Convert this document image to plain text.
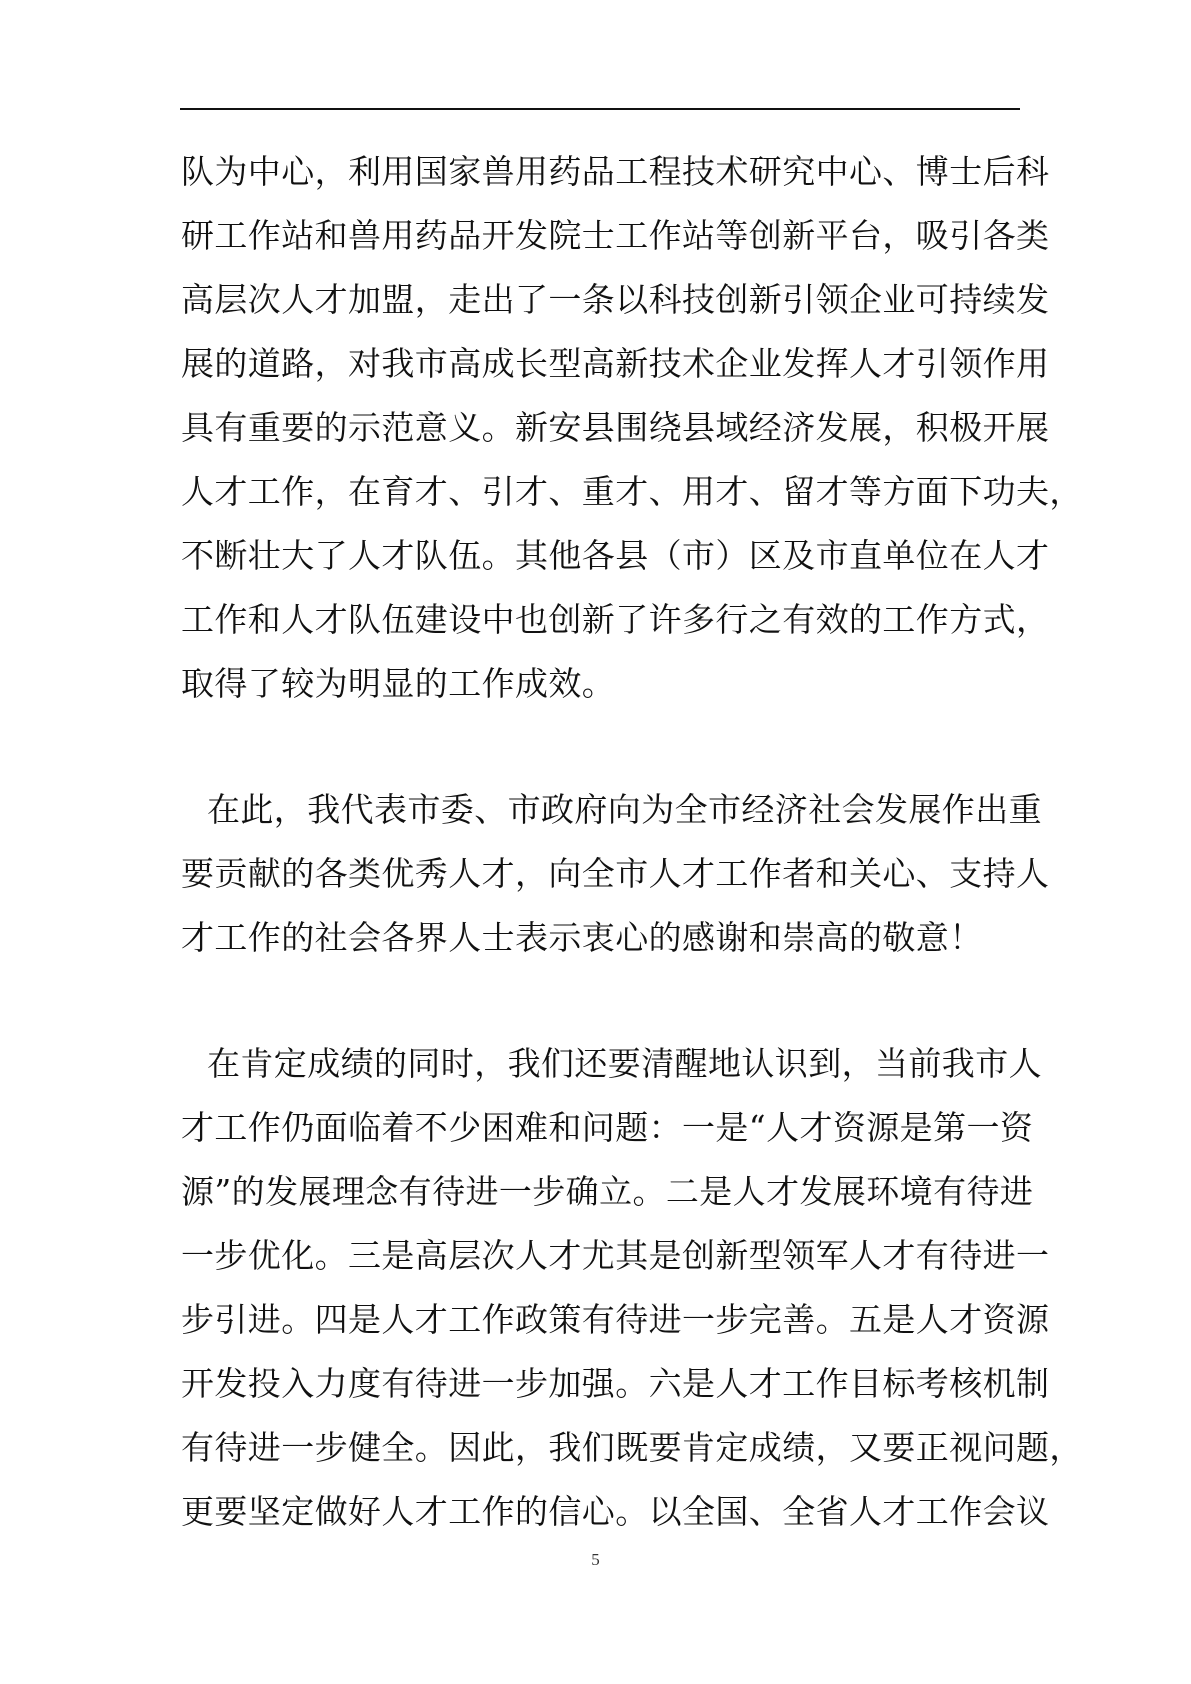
队为中心，利用国家兽用药品工程技术研究中心、博士后科
研工作站和兽用药品开发院士工作站等创新平台，吸引各类
高层次人才加盟，走出了一条以科技创新引领企业可持续发
展的道路，对我市高成长型高新技术企业发挥人才引领作用
具有重要的示范意义。新安县围绕县域经济发展，积极开展
人才工作，在育才、引才、重才、用才、留才等方面下功夫，
不断壮大了人才队伍。其他各县（市）区及市直单位在人才
工作和人才队伍建设中也创新了许多行之有效的工作方式，
取得了较为明显的工作成效。
在此，我代表市委、市政府向为全市经济社会发展作出重
要贡献的各类优秀人才，向全市人才工作者和关心、支持人
才工作的社会各界人士表示衷心的感谢和崇高的敬意！
在肯定成绩的同时，我们还要清醒地认识到，当前我市人
才工作仍面临着不少困难和问题：一是“人才资源是第一资
源”的发展理念有待进一步确立。二是人才发展环境有待进
一步优化。三是高层次人才尤其是创新型领军人才有待进一
步引进。四是人才工作政策有待进一步完善。五是人才资源
开发投入力度有待进一步加强。六是人才工作目标考核机制
有待进一步健全。因此，我们既要肯定成绩，又要正视问题，
更要坚定做好人才工作的信心。以全国、全省人才工作会议
5
